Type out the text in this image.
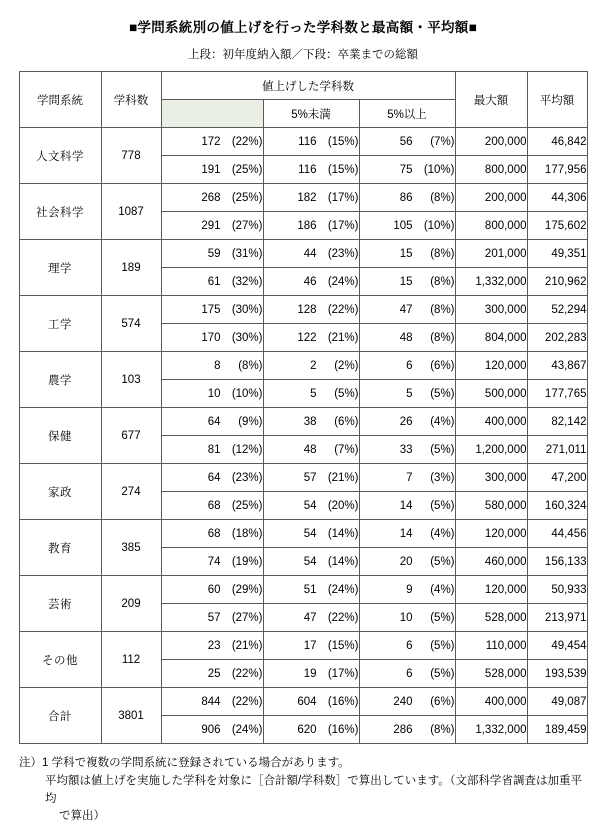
■学問系統別の値上げを行った学科数と最高額・平均額■
上段：初年度納入額／下段：卒業までの総額
学問系統	学科数	値上げした学科数			最大額	平均額
			5%未満	5%以上		
人文科学	778	172 (22%)	116 (15%)	56 (7%)	200,000	46,842
		191 (25%)	116 (15%)	75 (10%)	800,000	177,956
社会科学	1087	268 (25%)	182 (17%)	86 (8%)	200,000	44,306
		291 (27%)	186 (17%)	105 (10%)	800,000	175,602
理学	189	59 (31%)	44 (23%)	15 (8%)	201,000	49,351
		61 (32%)	46 (24%)	15 (8%)	1,332,000	210,962
工学	574	175 (30%)	128 (22%)	47 (8%)	300,000	52,294
		170 (30%)	122 (21%)	48 (8%)	804,000	202,283
農学	103	8 (8%)	2 (2%)	6 (6%)	120,000	43,867
		10 (10%)	5 (5%)	5 (5%)	500,000	177,765
保健	677	64 (9%)	38 (6%)	26 (4%)	400,000	82,142
		81 (12%)	48 (7%)	33 (5%)	1,200,000	271,011
家政	274	64 (23%)	57 (21%)	7 (3%)	300,000	47,200
		68 (25%)	54 (20%)	14 (5%)	580,000	160,324
教育	385	68 (18%)	54 (14%)	14 (4%)	120,000	44,456
		74 (19%)	54 (14%)	20 (5%)	460,000	156,133
芸術	209	60 (29%)	51 (24%)	9 (4%)	120,000	50,933
		57 (27%)	47 (22%)	10 (5%)	528,000	213,971
その他	112	23 (21%)	17 (15%)	6 (5%)	110,000	49,454
		25 (22%)	19 (17%)	6 (5%)	528,000	193,539
合計	3801	844 (22%)	604 (16%)	240 (6%)	400,000	49,087
		906 (24%)	620 (16%)	286 (8%)	1,332,000	189,459
注）1 学科で複数の学問系統に登録されている場合があります。
平均額は値上げを実施した学科を対象に［合計額/学科数］で算出しています。（文部科学省調査は加重平均
で算出）
